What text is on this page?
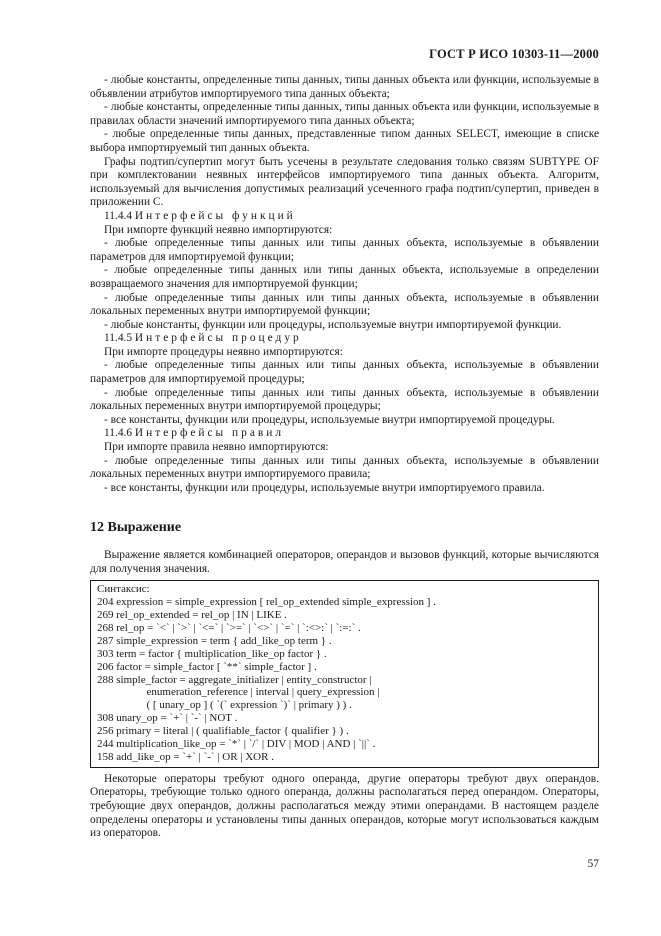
ГОСТ Р ИСО 10303-11—2000

- любые константы, определенные типы данных, типы данных объекта или функции, используемые в объявлении атрибутов импортируемого типа данных объекта;

- любые константы, определенные типы данных, типы данных объекта или функции, используемые в правилах области значений импортируемого типа данных объекта;

- любые определенные типы данных, представленные типом данных SELECT, имеющие в списке выбора импортируемый тип данных объекта.

Графы подтип/супертип могут быть усечены в результате следования только связям SUBTYPE OF при комплектовании неявных интерфейсов импортируемого типа данных объекта. Алгоритм, используемый для вычисления допустимых реализаций усеченного графа подтип/супертип, приведен в приложении С.

11.4.4 Интерфейсы функций

При импорте функций неявно импортируются:

- любые определенные типы данных или типы данных объекта, используемые в объявлении параметров для импортируемой функции;

- любые определенные типы данных или типы данных объекта, используемые в определении возвращаемого значения для импортируемой функции;

- любые определенные типы данных или типы данных объекта, используемые в объявлении локальных переменных внутри импортируемой функции;

- любые константы, функции или процедуры, используемые внутри импортируемой функции.

11.4.5 Интерфейсы процедур

При импорте процедуры неявно импортируются:

- любые определенные типы данных или типы данных объекта, используемые в объявлении параметров для импортируемой процедуры;

- любые определенные типы данных или типы данных объекта, используемые в объявлении локальных переменных внутри импортируемой процедуры;

- все константы, функции или процедуры, используемые внутри импортируемой процедуры.

11.4.6 Интерфейсы правил

При импорте правила неявно импортируются:

- любые определенные типы данных или типы данных объекта, используемые в объявлении локальных переменных внутри импортируемого правила;

- все константы, функции или процедуры, используемые внутри импортируемого правила.

12 Выражение

Выражение является комбинацией операторов, операндов и вызовов функций, которые вычисляются для получения значения.

Синтаксис:
204 expression = simple_expression [ rel_op_extended simple_expression ] .
269 rel_op_extended = rel_op | IN | LIKE .
268 rel_op = `<` | `>` | `<=` | `>=` | `<>` | `=` | `:<>:` | `:=:` .
287 simple_expression = term { add_like_op term } .
303 term = factor { multiplication_like_op factor } .
206 factor = simple_factor [ `**` simple_factor ] .
288 simple_factor = aggregate_initializer | entity_constructor |
enumeration_reference | interval | query_expression |
( [ unary_op ] ( `(` expression `)` | primary ) ) .
308 unary_op = `+` | `-` | NOT .
256 primary = literal | ( qualifiable_factor { qualifier } ) .
244 multiplication_like_op = `*` | `/` | DIV | MOD | AND | `||` .
158 add_like_op = `+` | `-` | OR | XOR .

Некоторые операторы требуют одного операнда, другие операторы требуют двух операндов. Операторы, требующие только одного операнда, должны располагаться перед операндом. Операторы, требующие двух операндов, должны располагаться между этими операндами. В настоящем разделе определены операторы и установлены типы данных операндов, которые могут использоваться каждым из операторов.

57
